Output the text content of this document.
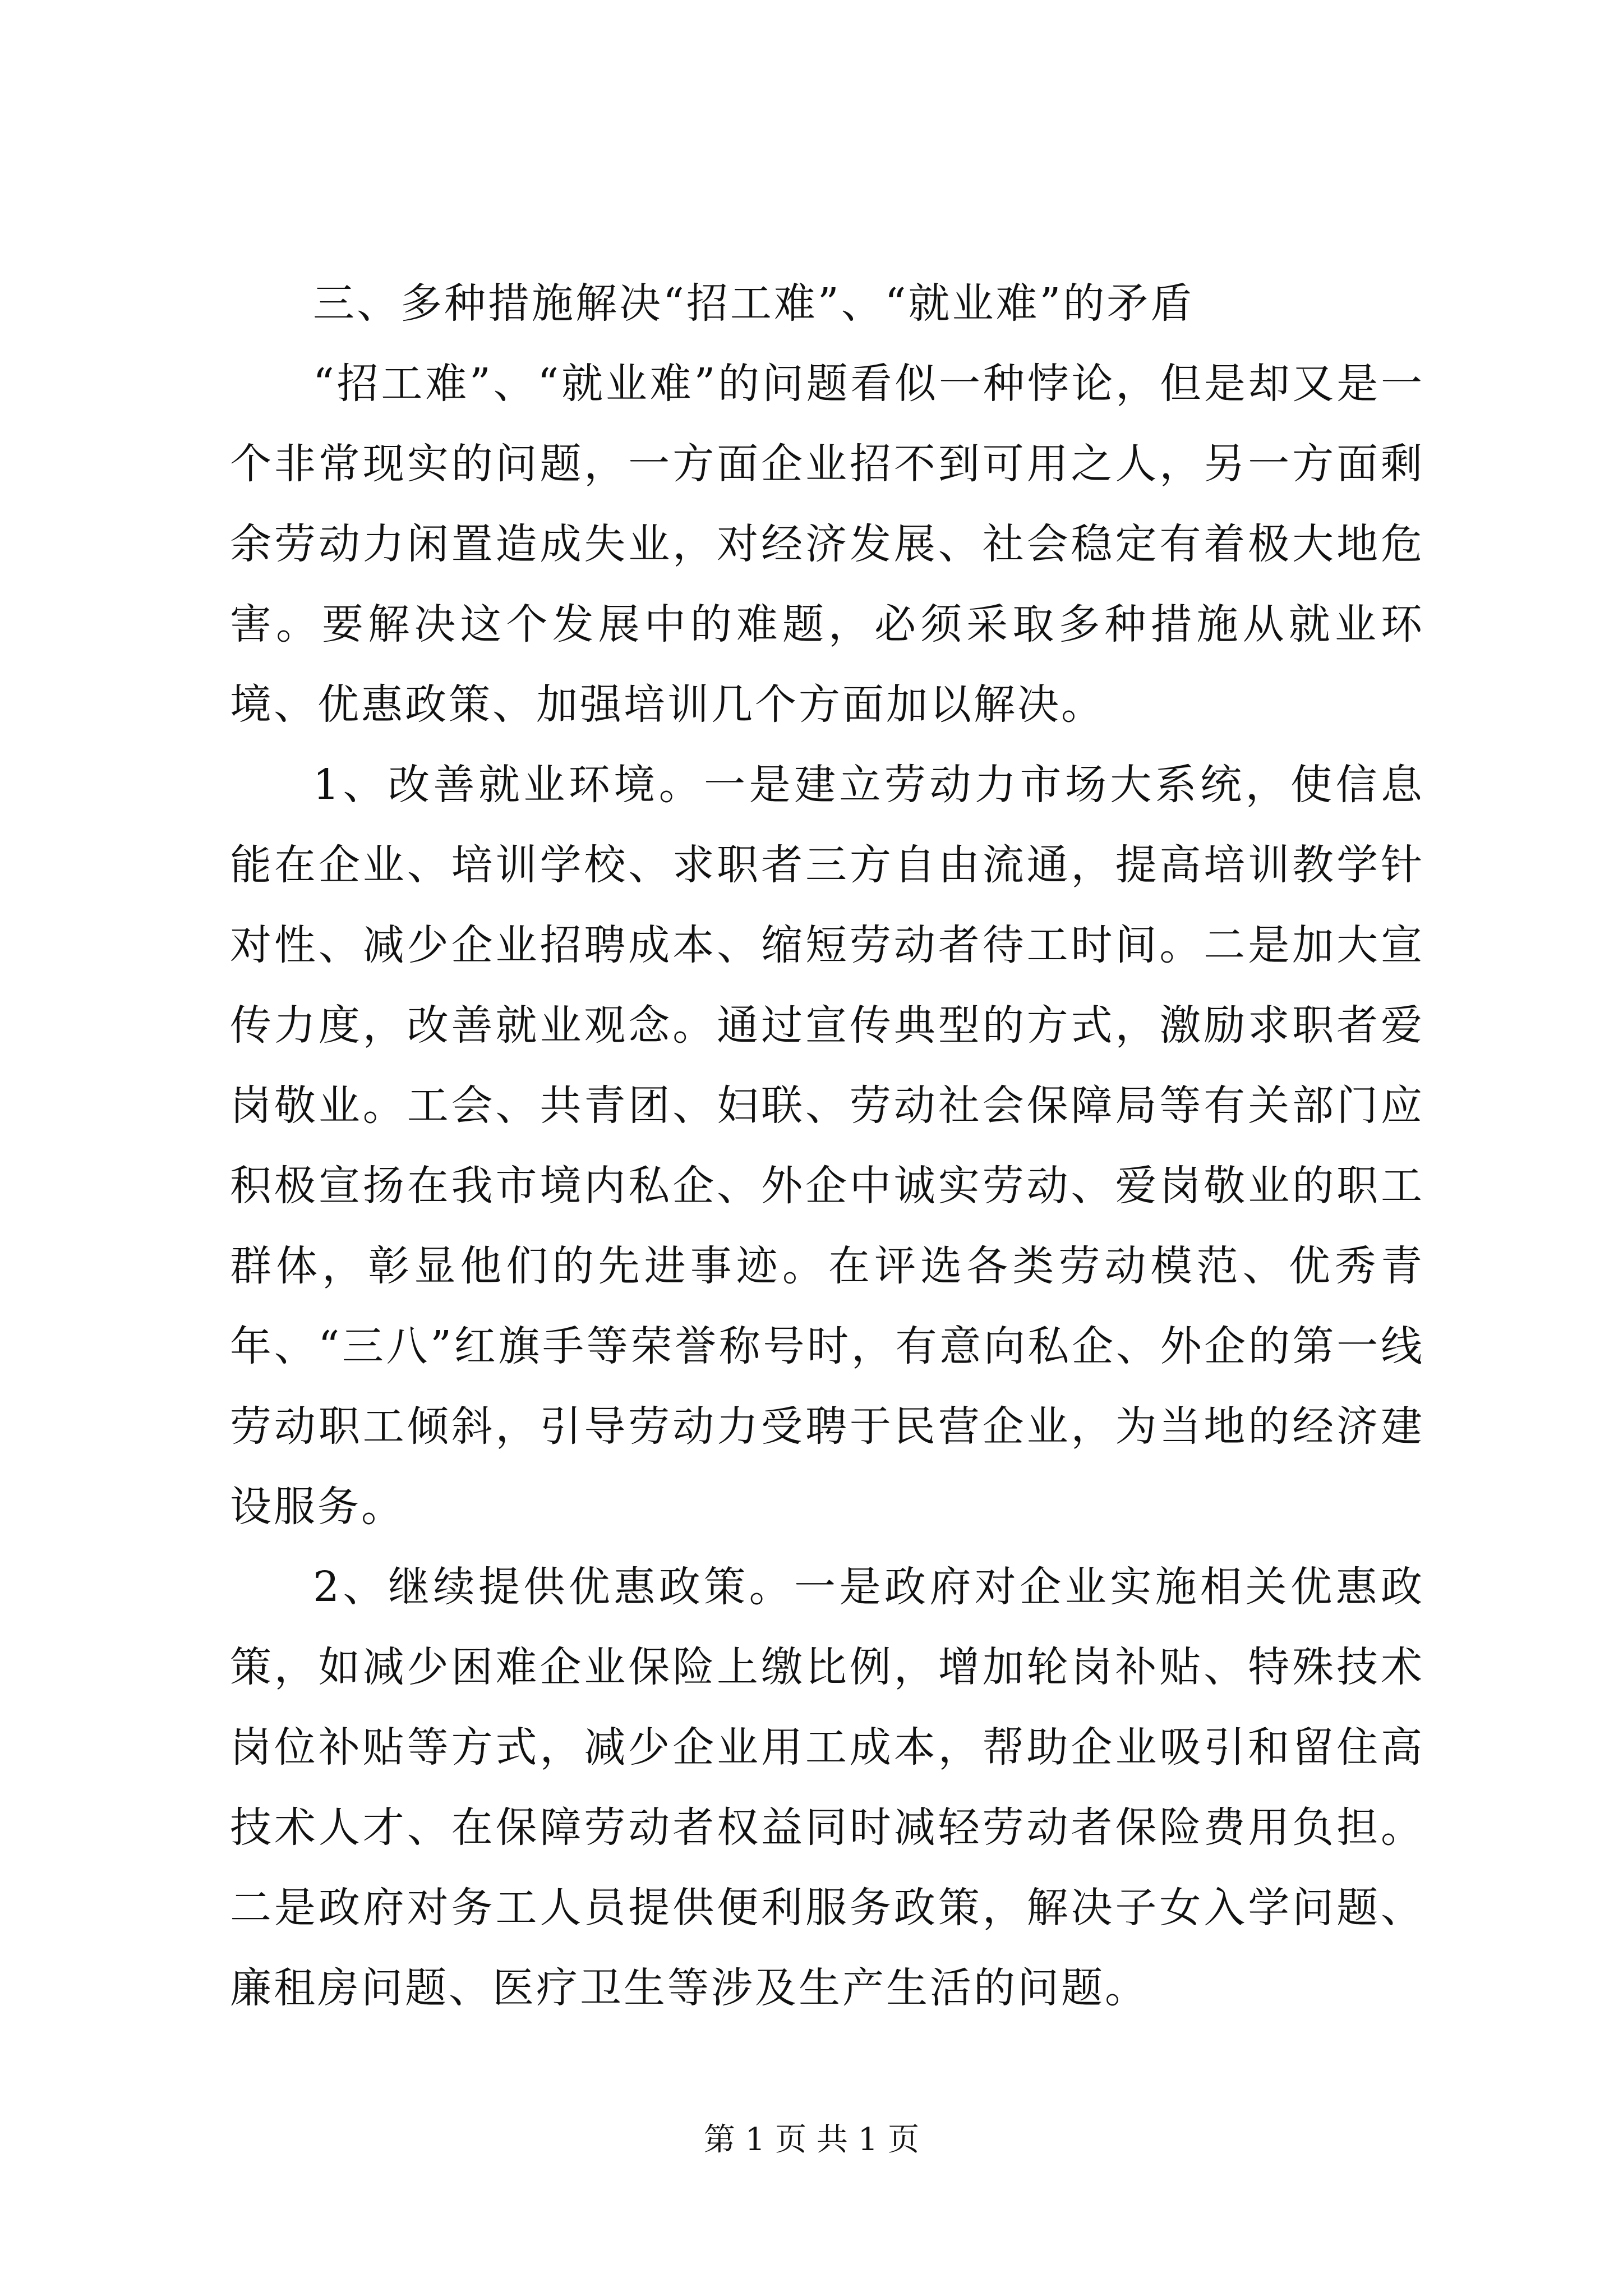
三、多种措施解决“招工难”、“就业难”的矛盾

“招工难”、“就业难”的问题看似一种悖论，但是却又是一个非常现实的问题，一方面企业招不到可用之人，另一方面剩余劳动力闲置造成失业，对经济发展、社会稳定有着极大地危害。要解决这个发展中的难题，必须采取多种措施从就业环境、优惠政策、加强培训几个方面加以解决。

1、改善就业环境。一是建立劳动力市场大系统，使信息能在企业、培训学校、求职者三方自由流通，提高培训教学针对性、减少企业招聘成本、缩短劳动者待工时间。二是加大宣传力度，改善就业观念。通过宣传典型的方式，激励求职者爱岗敬业。工会、共青团、妇联、劳动社会保障局等有关部门应积极宣扬在我市境内私企、外企中诚实劳动、爱岗敬业的职工群体，彰显他们的先进事迹。在评选各类劳动模范、优秀青年、“三八”红旗手等荣誉称号时，有意向私企、外企的第一线劳动职工倾斜，引导劳动力受聘于民营企业，为当地的经济建设服务。

2、继续提供优惠政策。一是政府对企业实施相关优惠政策，如减少困难企业保险上缴比例，增加轮岗补贴、特殊技术岗位补贴等方式，减少企业用工成本，帮助企业吸引和留住高技术人才、在保障劳动者权益同时减轻劳动者保险费用负担。二是政府对务工人员提供便利服务政策，解决子女入学问题、廉租房问题、医疗卫生等涉及生产生活的问题。

第 1 页 共 1 页
